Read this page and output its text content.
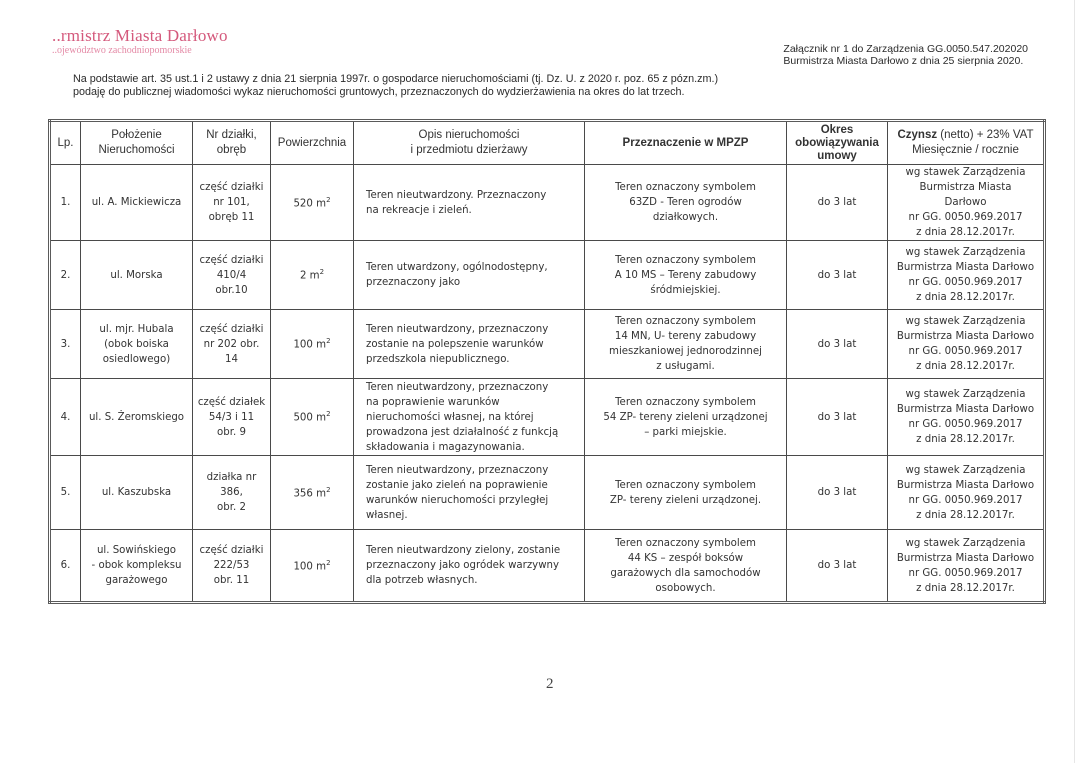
..rmistrz Miasta Darłowo
..ojewództwo zachodniopomorskie	Załącznik nr 1 do Zarządzenia GG.0050.547.202020
Burmistrza Miasta Darłowo z dnia 25 sierpnia 2020.
Na podstawie art. 35 ust.1 i 2 ustawy z dnia 21 sierpnia 1997r. o gospodarce nieruchomościami (tj. Dz. U. z 2020 r. poz. 65 z pózn.zm.)
podaję do publicznej wiadomości wykaz nieruchomości gruntowych, przeznaczonych do wydzierżawienia na okres do lat trzech.
Lp.	Położenie
Nieruchomości	Nr działki,
obręb	Powierzchnia	Opis nieruchomości
i przedmiotu dzierżawy	Przeznaczenie w MPZP	Okres
obowiązywania
umowy	Czynsz (netto) + 23% VAT
Miesięcznie / rocznie

1.	ul. A. Mickiewicza	część działki
nr 101,
obręb 11	520 $m^2$	Teren nieutwardzony. Przeznaczony
na rekreacje i zieleń.	Teren oznaczony symbolem
63ZD - Teren ogrodów
działkowych.	do 3 lat	wg stawek Zarządzenia
Burmistrza Miasta
Darłowo
nr GG. 0050.969.2017
z dnia 28.12.2017r.

2.	ul. Morska	część działki
410/4
obr.10	2 $m^2$	Teren utwardzony, ogólnodostępny,
przeznaczony jako	Teren oznaczony symbolem
A 10 MS – Tereny zabudowy
śródmiejskiej.	do 3 lat	wg stawek Zarządzenia
Burmistrza Miasta Darłowo
nr GG. 0050.969.2017
z dnia 28.12.2017r.

3.	ul. mjr. Hubala
(obok boiska
osiedlowego)	część działki
nr 202 obr.
14	100 $m^2$	Teren nieutwardzony, przeznaczony
zostanie na polepszenie warunków
przedszkola niepublicznego.	Teren oznaczony symbolem
14 MN, U- tereny zabudowy
mieszkaniowej jednorodzinnej
z usługami.	do 3 lat	wg stawek Zarządzenia
Burmistrza Miasta Darłowo
nr GG. 0050.969.2017
z dnia 28.12.2017r.

4.	ul. S. Żeromskiego	część działek
54/3 i 11
obr. 9	500 $m^2$	Teren nieutwardzony, przeznaczony
na poprawienie warunków
nieruchomości własnej, na której
prowadzona jest działalność z funkcją
składowania i magazynowania.	Teren oznaczony symbolem
54 ZP- tereny zieleni urządzonej
– parki miejskie.	do 3 lat	wg stawek Zarządzenia
Burmistrza Miasta Darłowo
nr GG. 0050.969.2017
z dnia 28.12.2017r.

5.	ul. Kaszubska	działka nr
386,
obr. 2	356 $m^2$	Teren nieutwardzony, przeznaczony
zostanie jako zieleń na poprawienie
warunków nieruchomości przyległej
własnej.	Teren oznaczony symbolem
ZP- tereny zieleni urządzonej.	do 3 lat	wg stawek Zarządzenia
Burmistrza Miasta Darłowo
nr GG. 0050.969.2017
z dnia 28.12.2017r.

6.	ul. Sowińskiego
- obok kompleksu
garażowego	część działki
222/53
obr. 11	100 $m^2$	Teren nieutwardzony zielony, zostanie
przeznaczony jako ogródek warzywny
dla potrzeb własnych.	Teren oznaczony symbolem
44 KS – zespół boksów
garażowych dla samochodów
osobowych.	do 3 lat	wg stawek Zarządzenia
Burmistrza Miasta Darłowo
nr GG. 0050.969.2017
z dnia 28.12.2017r.
2
